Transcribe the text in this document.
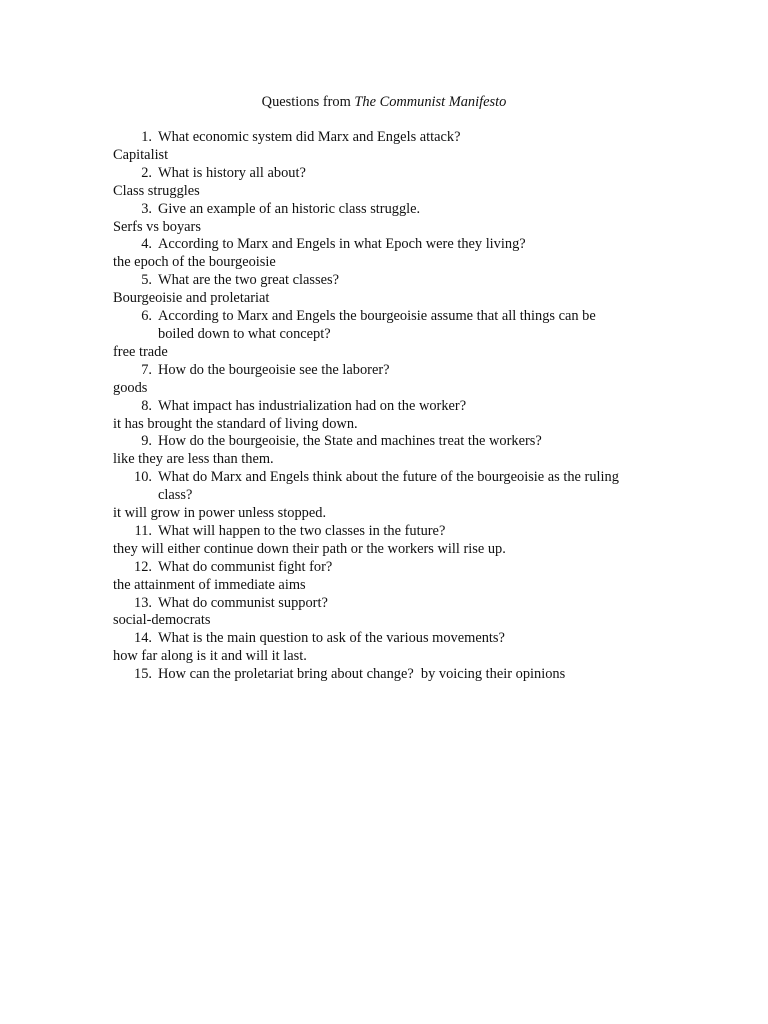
Questions from The Communist Manifesto
1. What economic system did Marx and Engels attack?
Capitalist
2. What is history all about?
Class struggles
3. Give an example of an historic class struggle.
Serfs vs boyars
4. According to Marx and Engels in what Epoch were they living?
the epoch of the bourgeoisie
5. What are the two great classes?
Bourgeoisie and proletariat
6. According to Marx and Engels the bourgeoisie assume that all things can be boiled down to what concept?
free trade
7. How do the bourgeoisie see the laborer?
goods
8. What impact has industrialization had on the worker?
it has brought the standard of living down.
9. How do the bourgeoisie, the State and machines treat the workers?
like they are less than them.
10. What do Marx and Engels think about the future of the bourgeoisie as the ruling class?
it will grow in power unless stopped.
11. What will happen to the two classes in the future?
they will either continue down their path or the workers will rise up.
12. What do communist fight for?
the attainment of immediate aims
13. What do communist support?
social-democrats
14. What is the main question to ask of the various movements?
how far along is it and will it last.
15. How can the proletariat bring about change?  by voicing their opinions
